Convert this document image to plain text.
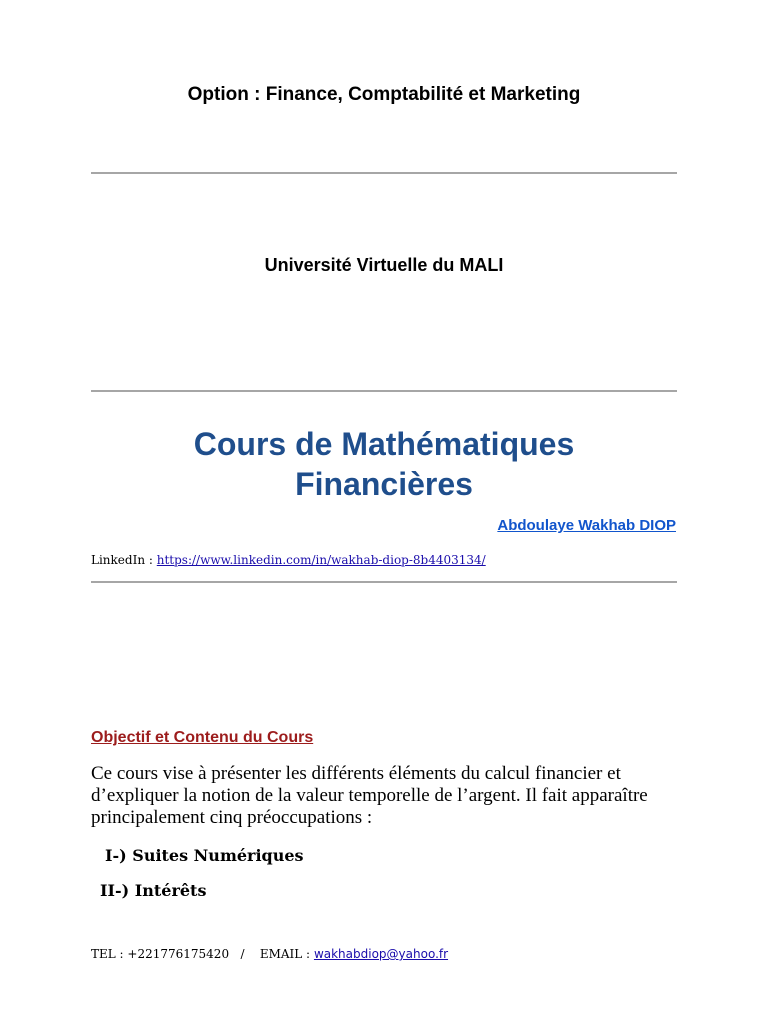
Option : Finance, Comptabilité et Marketing

Université Virtuelle du MALI

Cours de Mathématiques
Financières
Abdoulaye Wakhab DIOP
LinkedIn : https://www.linkedin.com/in/wakhab-diop-8b4403134/
Objectif et Contenu du Cours

Ce cours vise à présenter les différents éléments du calcul financier et d’expliquer la notion de la valeur temporelle de l’argent. Il fait apparaître principalement cinq préoccupations :

I-) Suites Numériques
II-) Intérêts
TEL : +221776175420   /    EMAIL : wakhabdiop@yahoo.fr
